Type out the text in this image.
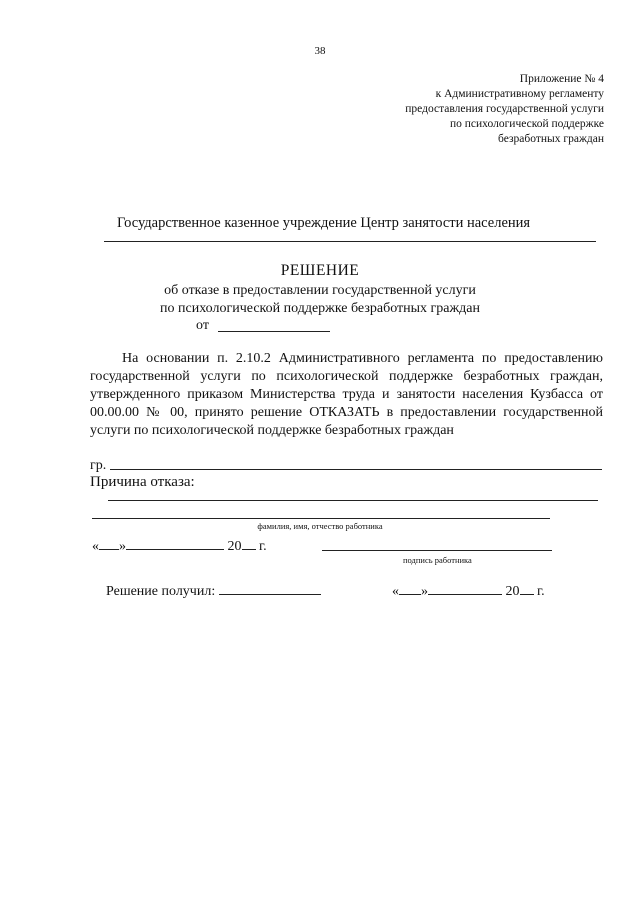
38
Приложение № 4
к Административному регламенту
предоставления государственной услуги
по психологической поддержке
безработных граждан
Государственное казенное учреждение Центр занятости населения
РЕШЕНИЕ
об отказе в предоставлении государственной услуги
по психологической поддержке безработных граждан
от
На основании п. 2.10.2 Административного регламента по предоставлению государственной услуги по психологической поддержке безработных граждан, утвержденного приказом Министерства труда и занятости населения Кузбасса от 00.00.00 № 00, принято решение ОТКАЗАТЬ в предоставлении государственной услуги по психологической поддержке безработных граждан
гр.
Причина отказа:
фамилия, имя, отчество работника
« »	20 г.
подпись работника
Решение получил:	« »	20 г.
